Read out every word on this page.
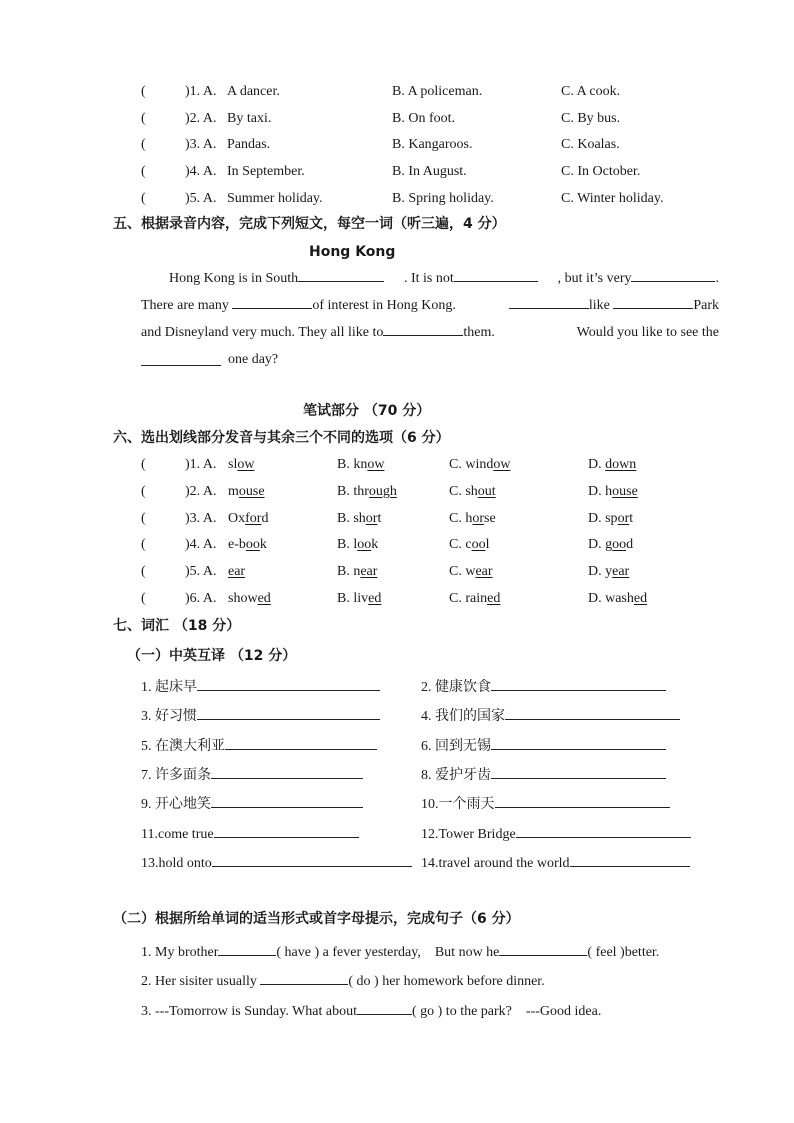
(	)1. A. A dancer.	B. A policeman.	C. A cook.
(	)2. A. By taxi.	B. On foot.	C. By bus.
(	)3. A. Pandas.	B. Kangaroos.	C. Koalas.
(	)4. A. In September.	B. In August.	C. In October.
(	)5. A. Summer holiday.	B. Spring holiday.	C. Winter holiday.
五、根据录音内容，完成下列短文，每空一词（听三遍，4 分）
Hong Kong
Hong Kong is in South	. It is not	, but it’s very	.
There are many	of interest in Hong Kong.	like	Park
and Disneyland very much. They all like to	them.	Would you like to see the

one day?
笔试部分 （70 分）
六、选出划线部分发音与其余三个不同的选项（6 分）
(	)1. A. slow	B. know	C. window	D. down
(	)2. A. mouse	B. through	C. shout	D. house
(	)3. A. Oxford	B. short	C. horse	D. sport
(	)4. A. e-book	B. look	C. cool	D. good
(	)5. A. ear	B. near	C. wear	D. year
(	)6. A. showed	B. lived	C. rained	D. washed
七、词汇 （18 分）
（一）中英互译 （12 分）
1. 起床早	2. 健康饮食
3. 好习惯	4. 我们的国家
5. 在澳大利亚	6. 回到无锡
7. 许多面条	8. 爱护牙齿
9. 开心地笑	10.一个雨天
11.come true	12.Tower Bridge
13.hold onto	14.travel around the world
（二）根据所给单词的适当形式或首字母提示，完成句子（6 分）
1. My brother	( have ) a fever yesterday, But now he	( feel )better.
2. Her sisiter usually	( do ) her homework before dinner.
3. ---Tomorrow is Sunday. What about	( go ) to the park? ---Good idea.
